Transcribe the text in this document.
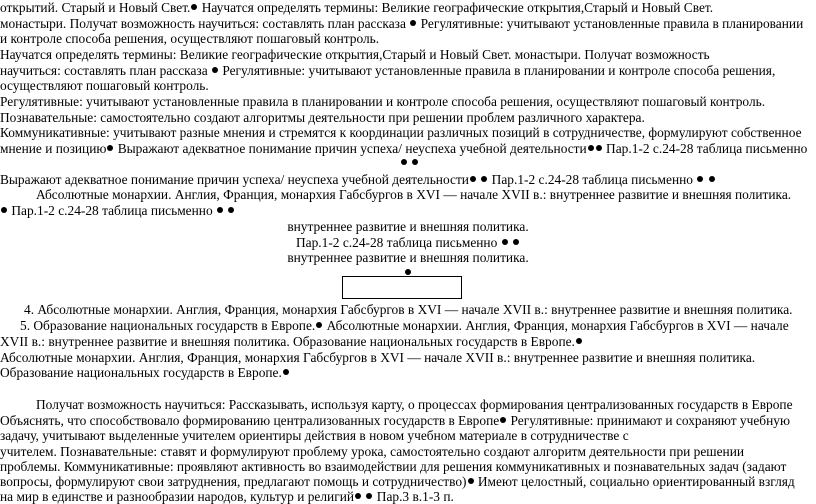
открытий. Старый и Новый Свет. Научатся определять термины: Великие географические открытия,Старый и Новый Свет.
монастыри. Получат возможность научиться: составлять план рассказа  Регулятивные: учитывают установленные правила в планировании
и контроле способа решения, осуществляют пошаговый контроль.
Научатся определять термины: Великие географические открытия,Старый и Новый Свет. монастыри. Получат возможность
научиться: составлять план рассказа  Регулятивные: учитывают установленные правила в планировании и контроле способа решения,
осуществляют пошаговый контроль.
Регулятивные: учитывают установленные правила в планировании и контроле способа решения, осуществляют пошаговый контроль.
Познавательные: самостоятельно создают алгоритмы деятельности при решении проблем различного характера.
Коммуникативные: учитывают разные мнения и стремятся к координации различных позиций в сотрудничестве, формулируют собственное
мнение и позицию Выражают адекватное понимание причин успеха/ неуспеха учебной деятельности Пар.1-2 с.24-28 таблица письменно

Выражают адекватное понимание причин успеха/ неуспеха учебной деятельности  Пар.1-2 с.24-28 таблица письменно
Абсолютные монархии. Англия, Франция, монархия Габсбургов в XVI — начале XVII в.: внутреннее развитие и внешняя политика.
Пар.1-2 с.24-28 таблица письменно
внутреннее развитие и внешняя политика.
Пар.1-2 с.24-28 таблица письменно
внутреннее развитие и внешняя политика.
4. Абсолютные монархии. Англия, Франция, монархия Габсбургов в XVI — начале XVII в.: внутреннее развитие и внешняя политика.
5. Образование национальных государств в Европе. Абсолютные монархии. Англия, Франция, монархия Габсбургов в XVI — начале
XVII в.: внутреннее развитие и внешняя политика. Образование национальных государств в Европе.
Абсолютные монархии. Англия, Франция, монархия Габсбургов в XVI — начале XVII в.: внутреннее развитие и внешняя политика.
Образование национальных государств в Европе.
Получат возможность научиться: Рассказывать, используя карту, о процессах формирования централизованных государств в Европе
Объяснять, что способствовало формированию централизованных государств в Европе Регулятивные: принимают и сохраняют учебную
задачу, учитывают выделенные учителем ориентиры действия в новом учебном материале в сотрудничестве с
учителем. Познавательные: ставят и формулируют проблему урока, самостоятельно создают алгоритм деятельности при решении
проблемы. Коммуникативные: проявляют активность во взаимодействии для решения коммуникативных и познавательных задач (задают
вопросы, формулируют свои затруднения, предлагают помощь и сотрудничество) Имеют целостный, социально ориентированный взгляд
на мир в единстве и разнообразии народов, культур и религий  Пар.3 в.1-3 п.
